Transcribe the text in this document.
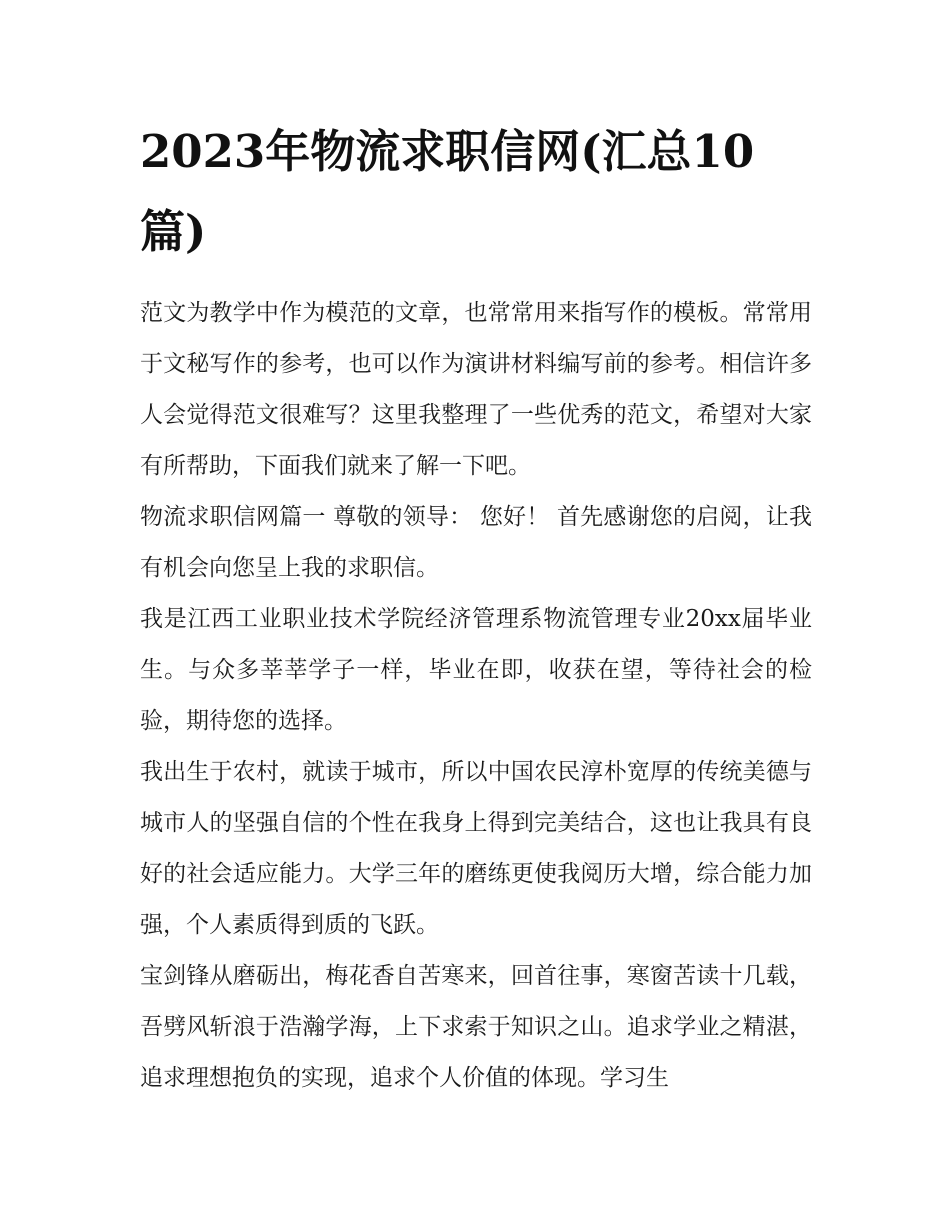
2023年物流求职信网(汇总10篇)

范文为教学中作为模范的文章，也常常用来指写作的模板。常常用于文秘写作的参考，也可以作为演讲材料编写前的参考。相信许多人会觉得范文很难写？这里我整理了一些优秀的范文，希望对大家有所帮助，下面我们就来了解一下吧。

物流求职信网篇一 尊敬的领导： 您好！ 首先感谢您的启阅，让我有机会向您呈上我的求职信。

我是江西工业职业技术学院经济管理系物流管理专业20xx届毕业生。与众多莘莘学子一样，毕业在即，收获在望，等待社会的检验，期待您的选择。

我出生于农村，就读于城市，所以中国农民淳朴宽厚的传统美德与城市人的坚强自信的个性在我身上得到完美结合，这也让我具有良好的社会适应能力。大学三年的磨练更使我阅历大增，综合能力加强，个人素质得到质的飞跃。

宝剑锋从磨砺出，梅花香自苦寒来，回首往事，寒窗苦读十几载，吾劈风斩浪于浩瀚学海，上下求索于知识之山。追求学业之精湛，追求理想抱负的实现，追求个人价值的体现。学习生
